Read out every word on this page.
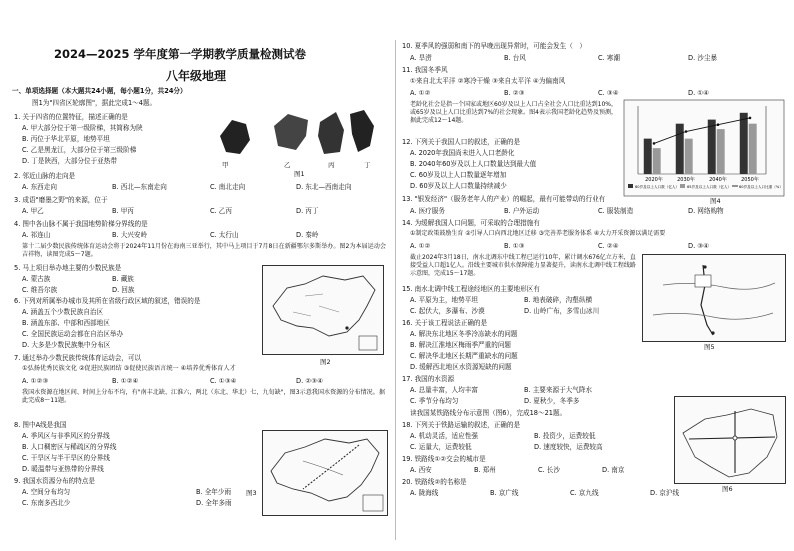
2024—2025 学年度第一学期教学质量检测试卷
八年级地理
一、单项选择题（本大题共24小题，每小题1分，共24分）
图1为"四省区轮廓图"，据此完成1～4题。
1. 关于四省的位置特征，描述正确的是
A. 甲大部分位于第一级阶梯，其简称为陕
B. 丙位于华北平原，地势平坦
C. 乙是黑龙江，大部分位于第三级阶梯
D. 丁是陕西，大部分位于亚热带	甲	乙	丙	丁
图1
2. 邻近山脉的走向是
A. 东西走向	B. 西北—东南走向	C. 南北走向	D. 东北—西南走向
3. 成语"磨墨之野"的来源，位于
A. 甲乙	B. 甲丙	C. 乙丙	D. 丙丁
4. 图中各山脉不属于我国地势阶梯分界线的是
A. 祁连山	B. 大兴安岭	C. 太行山	D. 秦岭
第十二届少数民族传统体育运动会将于2024年11月份在海南三亚举行，其中马上项目于7月8日在新疆鄂尔多斯举办。图2为本届运动会吉祥物，读图完成5～7题。
5. 马上项目举办地主要的少数民族是
A. 蒙古族	B. 藏族
C. 维吾尔族	D. 回族
6. 下列对所属举办城市及其所在省级行政区域的叙述，错误的是
A. 涵盖五个少数民族自治区
B. 涵盖东部、中部和西部地区
C. 全国民族运动会都在自治区举办
D. 大多是少数民族集中分布区
图2
7. 通过举办少数民族传统体育运动会，可以
①弘扬优秀民族文化 ②促进民族团结 ③促使民族语言统一 ④培养优秀体育人才
A. ①②③	B. ①②④	C. ①③④	D. ②③④
我国水资源在地区间、时间上分布不均，有"南丰北缺、江淮六，两北（东北、华北）七，九旬缺"，图3示意我国水资源的分布情况。据此完成8～11题。
8. 图中A线是我国
A. 季风区与非季风区的分界线
B. 人口稠密区与稀疏区的分界线
C. 干旱区与半干旱区的分界线
D. 暖温带与亚热带的分界线
9. 我国水资源分布的特点是
A. 空间分布均匀	B. 全年少雨
C. 东南多西北少	D. 全年多雨
图3
10. 夏季风的强弱和南下的早晚出现异常时，可能会发生（　）
A. 旱涝	B. 台风	C. 寒潮	D. 沙尘暴
11. 我国冬季风
①来自北太平洋 ②寒冷干燥 ③来自太平洋 ④为偏南风
A. ①②	B. ②③	C. ③④	D. ①④
老龄化社会是指一个国家或地区60岁及以上人口占全社会人口比重达到10%，或65岁及以上人口比重达到7%的社会现象。图4表示我国老龄化趋势及预测，据此完成12～14题。
12. 下列关于我国人口的叙述，正确的是
A. 2020年我国尚未进入人口老龄化
B. 2040年60岁及以上人口数量达到最大值
C. 60岁及以上人口数量逐年增加
D. 60岁及以上人口数量持续减少
2020年	2030年	2040年	2050年
60岁及以上人口数（亿人） 65岁及以上人口数（亿人） 60岁及以上人口比重（%）
图4
13. "银发经济"（服务老年人的产业）的崛起，最有可能带动的行业有
A. 医疗服务	B. 户外运动	C. 服装制造	D. 网络购物
14. 为缓解我国人口问题，可采取的合理措施有
①制定政策鼓励生育 ②引导人口向西北地区迁移 ③完善养老服务体系 ④大力开采资源以满足需要
A. ①②	B. ①③	C. ②④	D. ③④
截止2024年3月18日，南水北调东中线工程已运行10年，累计调水676亿立方米，直接受益人口超1亿人。沿线主要城市供水保障能力显著提升，读南水北调中线工程线路示意图，完成15～17题。
图5
15. 南水北调中线工程途经地区的主要地形区有
A. 平原为主，地势平坦	B. 地表破碎，沟壑纵横
C. 起伏大，多瀑布、沙漠	D. 山岭广布，多雪山冰川
16. 关于该工程说法正确的是
A. 解决东北地区冬季冷冻缺水的问题
B. 解决江淮地区梅雨季严重的问题
C. 解决华北地区长期严重缺水的问题
D. 缓解西北地区水资源短缺的问题
17. 我国的水资源
A. 总量丰富，人均丰富	B. 主要来源于大气降水
C. 季节分布均匀	D. 夏秋少，冬季多
读我国某铁路线分布示意图（图6），完成18～21题。
图6
18. 下列关于铁路运输的叙述，正确的是
A. 机动灵活，适应性强	B. 投资少，运费较低
C. 运量大，运费较低	D. 速度较快，运费较高
19. 铁路线①②交会的城市是
A. 西安	B. 郑州	C. 长沙	D. 南京
20. 铁路线②的名称是
A. 陇海线	B. 京广线	C. 京九线	D. 京沪线
